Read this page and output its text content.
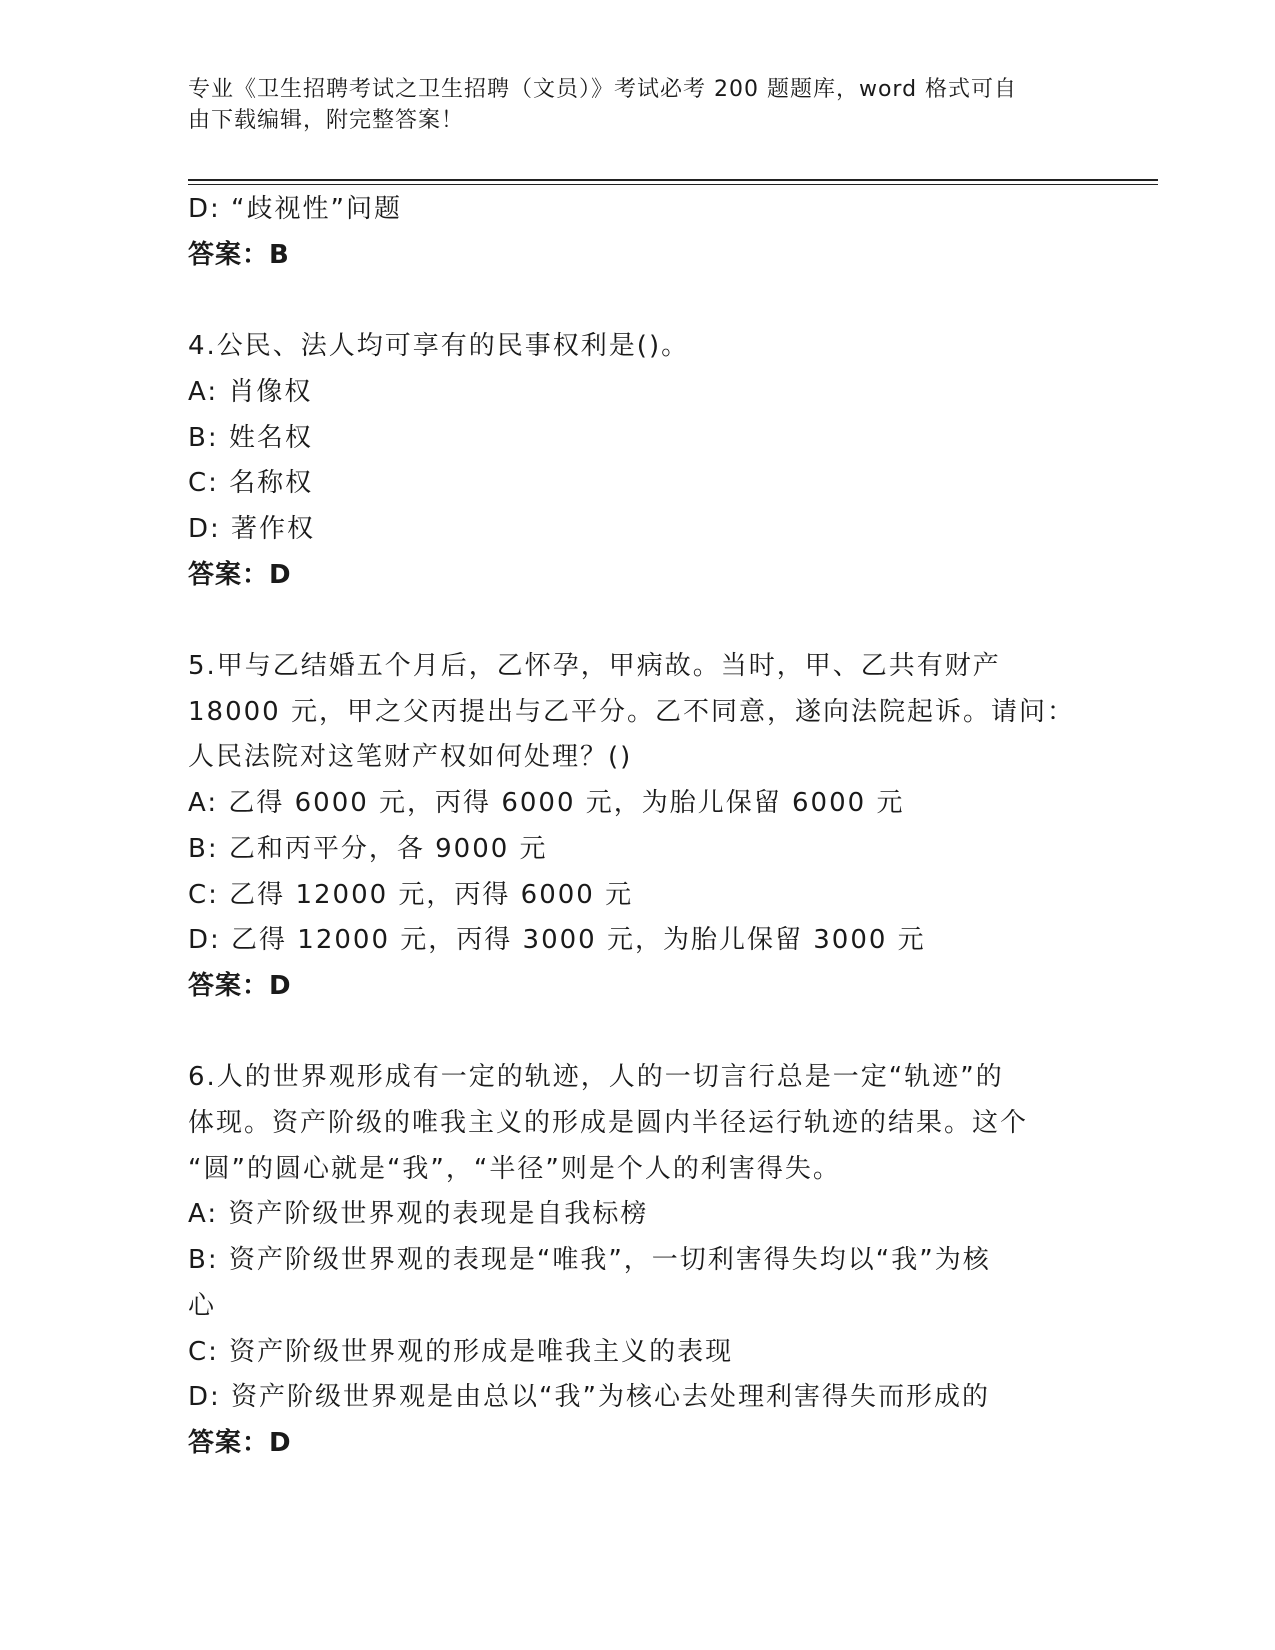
专业《卫生招聘考试之卫生招聘（文员）》考试必考 200 题题库，word 格式可自
由下载编辑，附完整答案！
D: “歧视性”问题
答案：B
4.公民、法人均可享有的民事权利是()。
A: 肖像权
B: 姓名权
C: 名称权
D: 著作权
答案：D
5.甲与乙结婚五个月后，乙怀孕，甲病故。当时，甲、乙共有财产
18000 元，甲之父丙提出与乙平分。乙不同意，遂向法院起诉。请问：
人民法院对这笔财产权如何处理？()
A: 乙得 6000 元，丙得 6000 元，为胎儿保留 6000 元
B: 乙和丙平分，各 9000 元
C: 乙得 12000 元，丙得 6000 元
D: 乙得 12000 元，丙得 3000 元，为胎儿保留 3000 元
答案：D
6.人的世界观形成有一定的轨迹，人的一切言行总是一定“轨迹”的
体现。资产阶级的唯我主义的形成是圆内半径运行轨迹的结果。这个
“圆”的圆心就是“我”，“半径”则是个人的利害得失。
A: 资产阶级世界观的表现是自我标榜
B: 资产阶级世界观的表现是“唯我”，一切利害得失均以“我”为核
心
C: 资产阶级世界观的形成是唯我主义的表现
D: 资产阶级世界观是由总以“我”为核心去处理利害得失而形成的
答案：D
